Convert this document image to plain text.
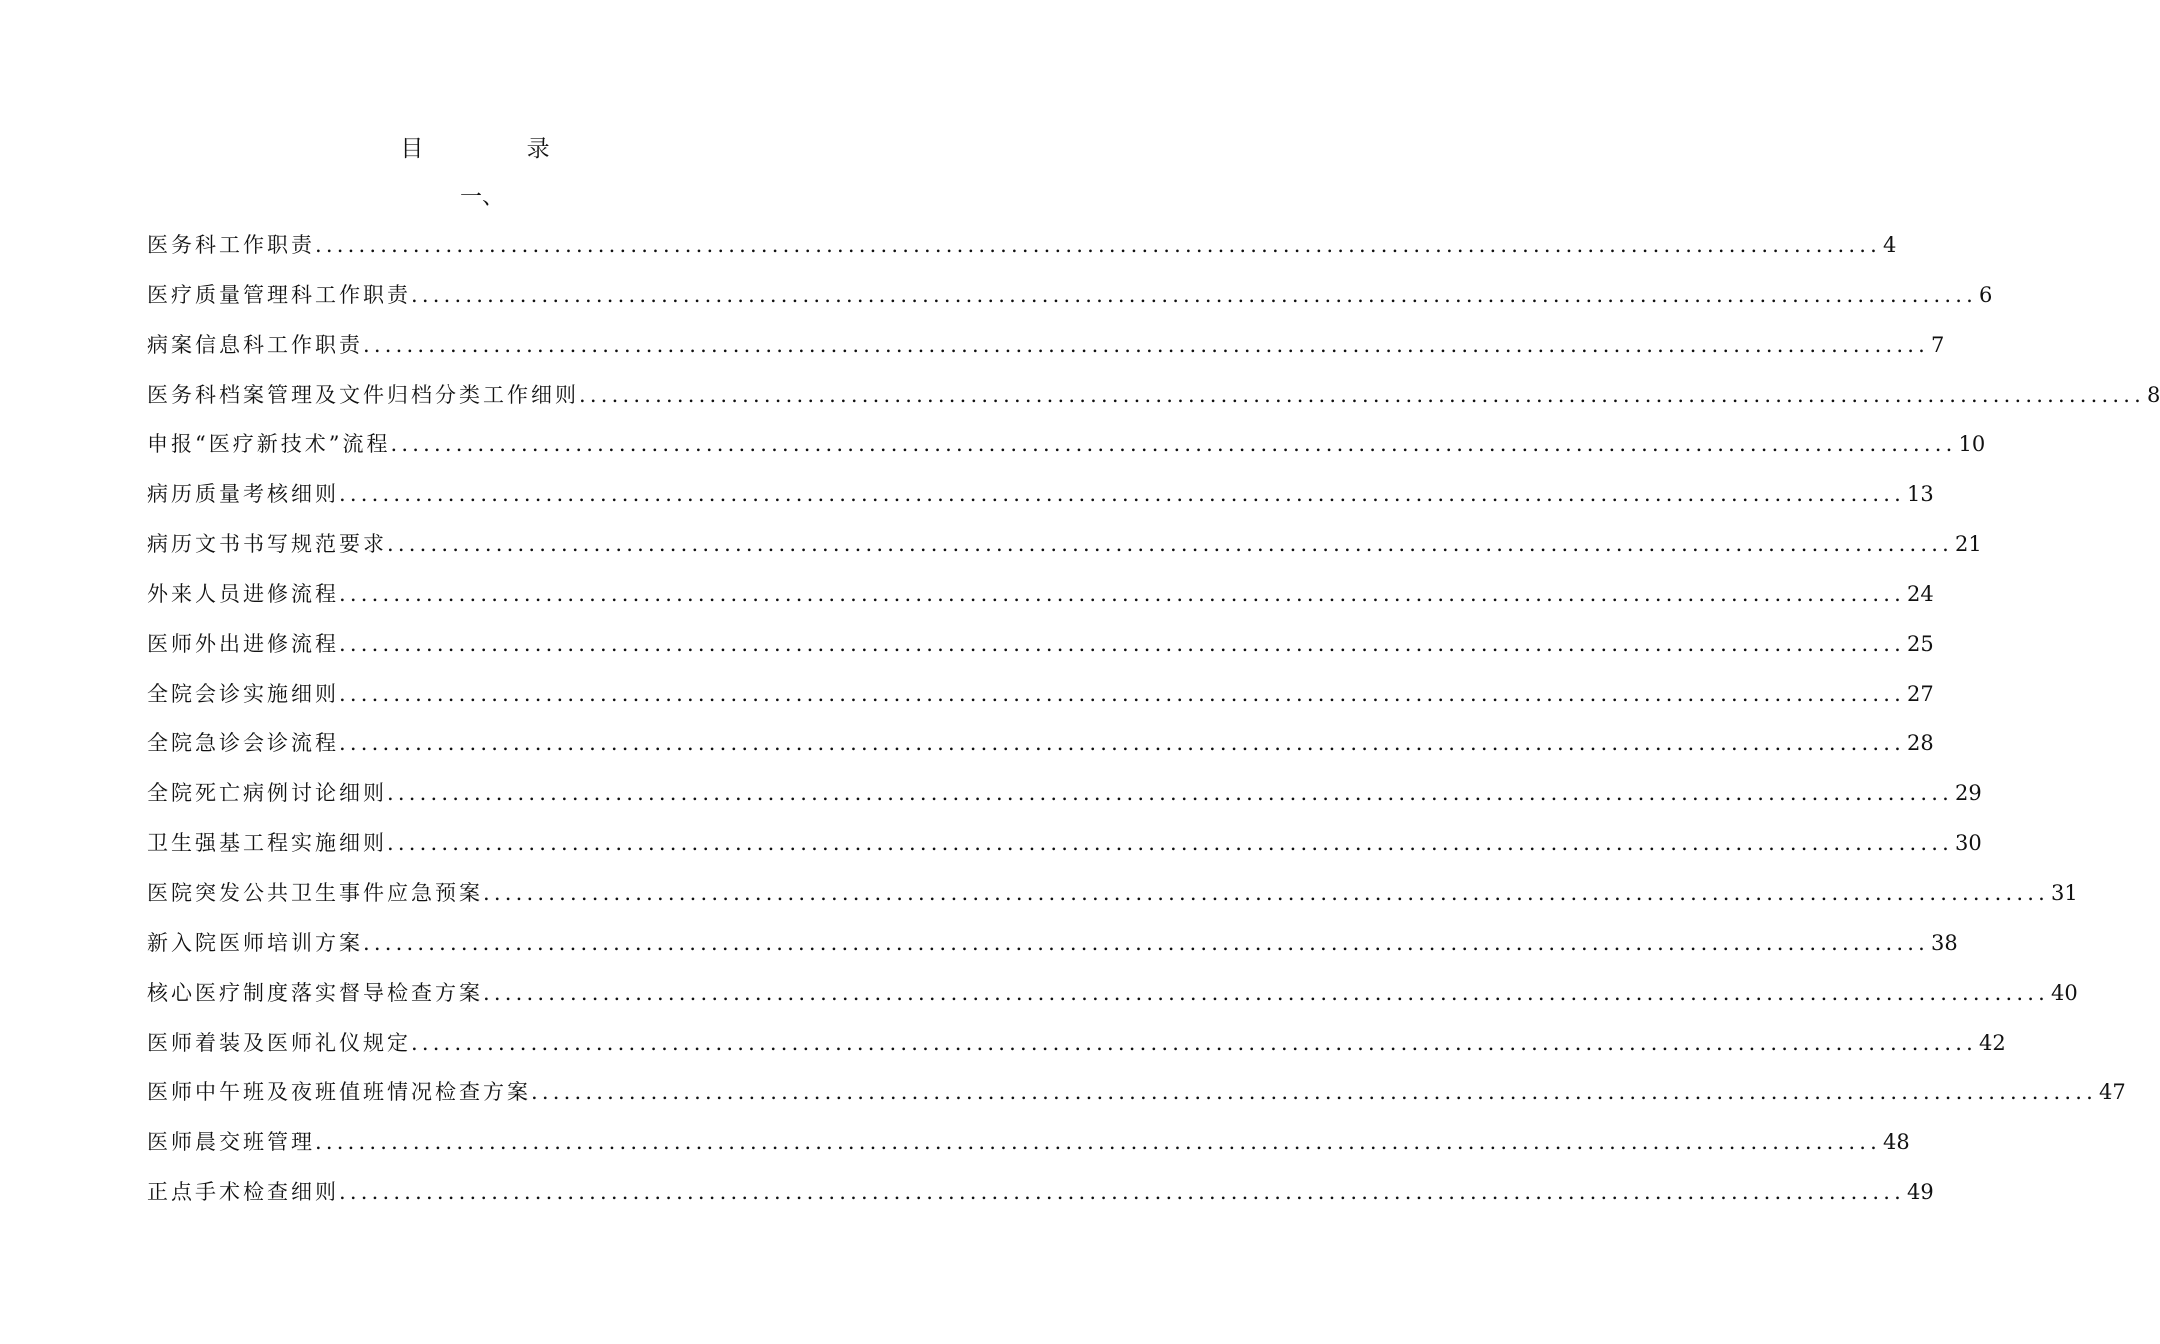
目 录
一、
医务科工作职责 ................................................................................................................................................ 4
医疗质量管理科工作职责 ................................................................................................................................................ 6
病案信息科工作职责 ................................................................................................................................................ 7
医务科档案管理及文件归档分类工作细则 ................................................................................................................................................ 8
申报“医疗新技术”流程 ................................................................................................................................................ 10
病历质量考核细则 ................................................................................................................................................ 13
病历文书书写规范要求 ................................................................................................................................................ 21
外来人员进修流程 ................................................................................................................................................ 24
医师外出进修流程 ................................................................................................................................................ 25
全院会诊实施细则 ................................................................................................................................................ 27
全院急诊会诊流程 ................................................................................................................................................ 28
全院死亡病例讨论细则 ................................................................................................................................................ 29
卫生强基工程实施细则 ................................................................................................................................................ 30
医院突发公共卫生事件应急预案 ................................................................................................................................................ 31
新入院医师培训方案 ................................................................................................................................................ 38
核心医疗制度落实督导检查方案 ................................................................................................................................................ 40
医师着装及医师礼仪规定 ................................................................................................................................................ 42
医师中午班及夜班值班情况检查方案 ................................................................................................................................................ 47
医师晨交班管理 ................................................................................................................................................ 48
正点手术检查细则 ................................................................................................................................................ 49
